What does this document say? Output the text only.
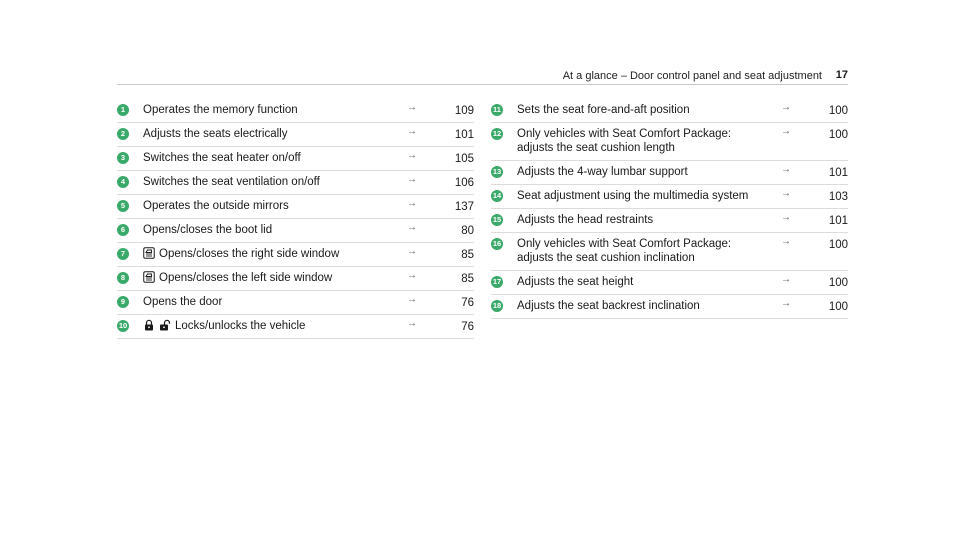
At a glance – Door control panel and seat adjustment 17
1	Operates the memory function	→	109
2	Adjusts the seats electrically	→	101
3	Switches the seat heater on/off	→	105
4	Switches the seat ventilation on/off	→	106
5	Operates the outside mirrors	→	137
6	Opens/closes the boot lid	→	80
7	Opens/closes the right side window	→	85
8	Opens/closes the left side window	→	85
9	Opens the door	→	76
10	Locks/unlocks the vehicle	→	76
11 Sets the seat fore-and-aft position	→	100
12 Only vehicles with Seat Comfort Package:
adjusts the seat cushion length
→	100
13 Adjusts the 4-way lumbar support	→	101
14 Seat adjustment using the multimedia system	→	103
15 Adjusts the head restraints	→	101
16 Only vehicles with Seat Comfort Package:
adjusts the seat cushion inclination
→	100
17 Adjusts the seat height	→	100
18 Adjusts the seat backrest inclination	→	100
